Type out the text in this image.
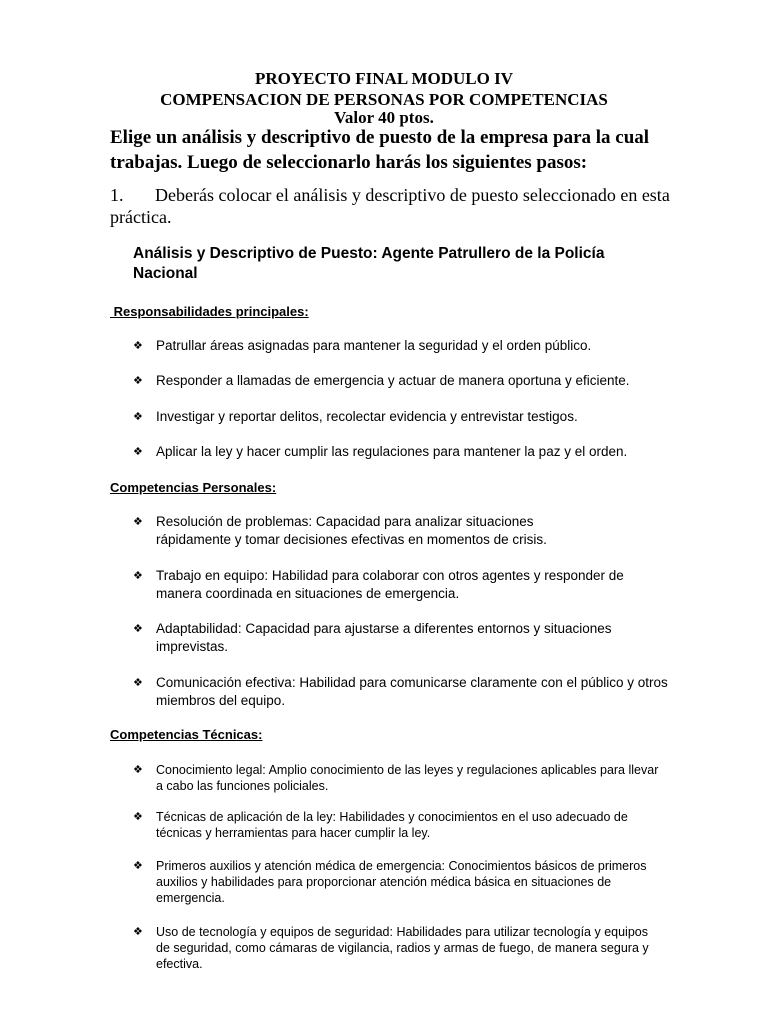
PROYECTO FINAL MODULO IV
COMPENSACION DE PERSONAS POR COMPETENCIAS
Valor 40 ptos.
Elige un análisis y descriptivo de puesto de la empresa para la cual trabajas. Luego de seleccionarlo harás los siguientes pasos:
1. Deberás colocar el análisis y descriptivo de puesto seleccionado en esta práctica.
Análisis y Descriptivo de Puesto: Agente Patrullero de la Policía Nacional
Responsabilidades principales:
❖ Patrullar áreas asignadas para mantener la seguridad y el orden público.
❖ Responder a llamadas de emergencia y actuar de manera oportuna y eficiente.
❖ Investigar y reportar delitos, recolectar evidencia y entrevistar testigos.
❖ Aplicar la ley y hacer cumplir las regulaciones para mantener la paz y el orden.
Competencias Personales:
❖ Resolución de problemas: Capacidad para analizar situaciones
rápidamente y tomar decisiones efectivas en momentos de crisis.
❖ Trabajo en equipo: Habilidad para colaborar con otros agentes y responder de manera coordinada en situaciones de emergencia.
❖ Adaptabilidad: Capacidad para ajustarse a diferentes entornos y situaciones imprevistas.
❖ Comunicación efectiva: Habilidad para comunicarse claramente con el público y otros miembros del equipo.
Competencias Técnicas:
❖ Conocimiento legal: Amplio conocimiento de las leyes y regulaciones aplicables para llevar a cabo las funciones policiales.
❖ Técnicas de aplicación de la ley: Habilidades y conocimientos en el uso adecuado de técnicas y herramientas para hacer cumplir la ley.
❖ Primeros auxilios y atención médica de emergencia: Conocimientos básicos de primeros auxilios y habilidades para proporcionar atención médica básica en situaciones de emergencia.
❖ Uso de tecnología y equipos de seguridad: Habilidades para utilizar tecnología y equipos de seguridad, como cámaras de vigilancia, radios y armas de fuego, de manera segura y efectiva.
